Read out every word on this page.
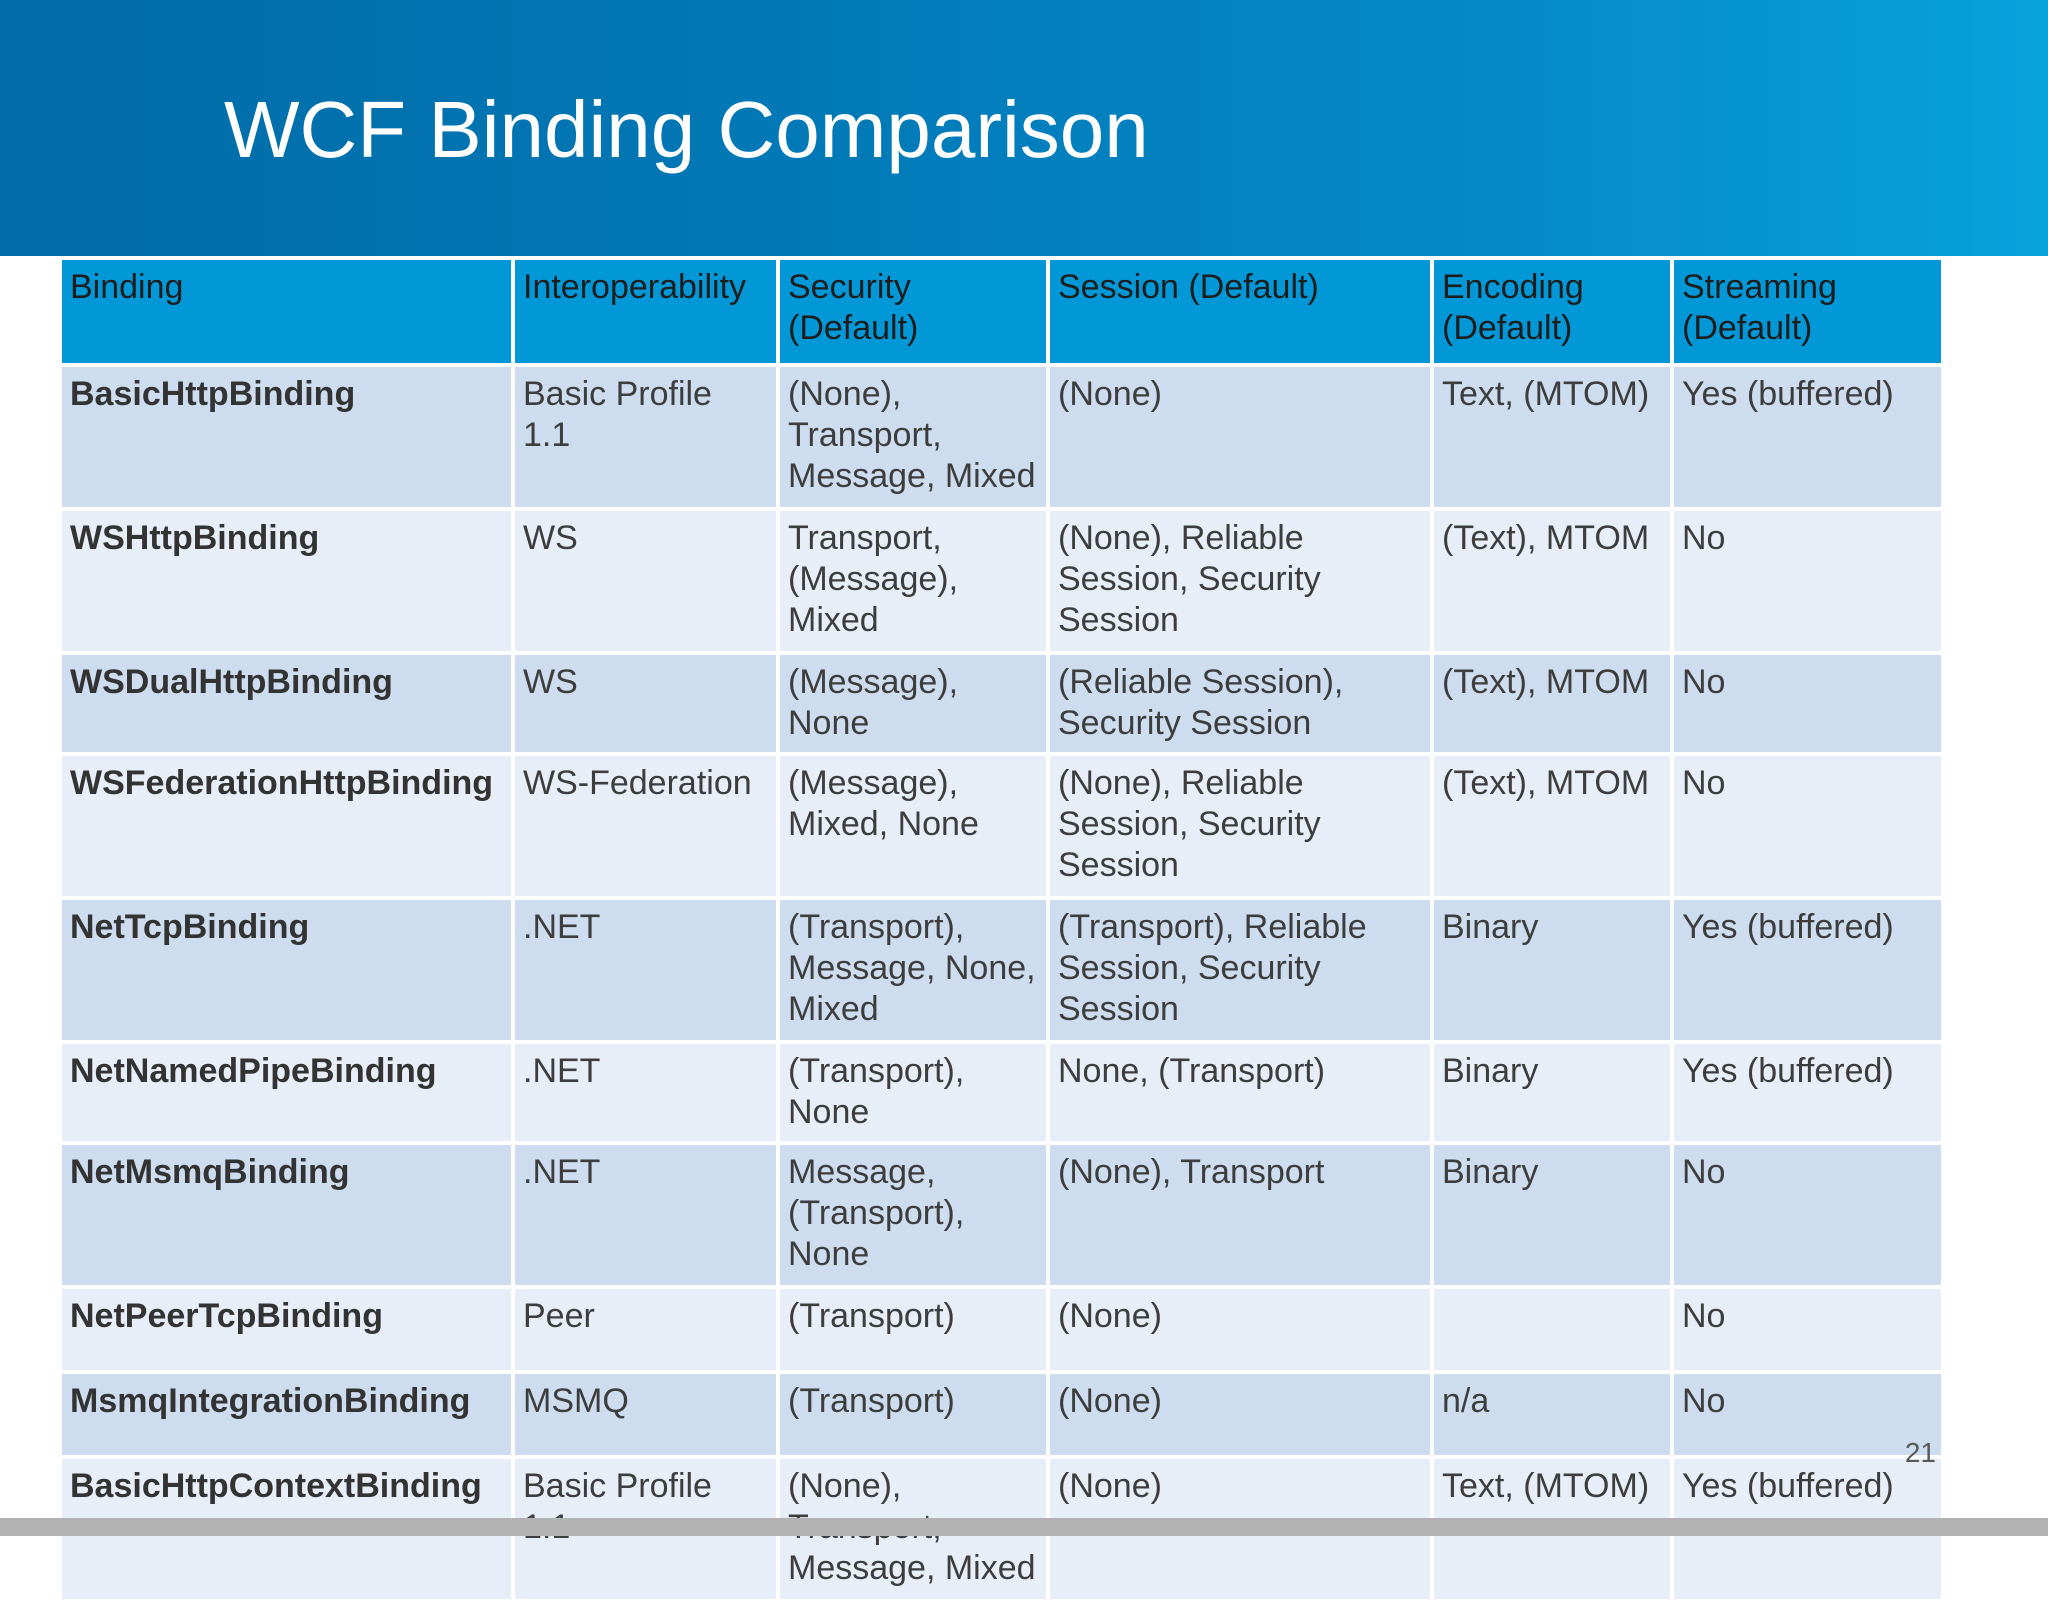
WCF Binding Comparison
Binding	Interoperability	Security (Default)	Session (Default)	Encoding (Default)	Streaming (Default)
BasicHttpBinding	Basic Profile 1.1	(None), Transport, Message, Mixed	(None)	Text, (MTOM)	Yes (buffered)
WSHttpBinding	WS	Transport, (Message), Mixed	(None), Reliable Session, Security Session	(Text), MTOM	No
WSDualHttpBinding	WS	(Message), None	(Reliable Session), Security Session	(Text), MTOM	No
WSFederationHttpBinding	WS-Federation	(Message), Mixed, None	(None), Reliable Session, Security Session	(Text), MTOM	No
NetTcpBinding	.NET	(Transport), Message, None, Mixed	(Transport), Reliable Session, Security Session	Binary	Yes (buffered)
NetNamedPipeBinding	.NET	(Transport), None	None, (Transport)	Binary	Yes (buffered)
NetMsmqBinding	.NET	Message, (Transport), None	(None), Transport	Binary	No
NetPeerTcpBinding	Peer	(Transport)	(None)		No
MsmqIntegrationBinding	MSMQ	(Transport)	(None)	n/a	No
BasicHttpContextBinding	Basic Profile	(None), Message, Mixed	(None)	Text, (MTOM)	Yes (buffered)
21
